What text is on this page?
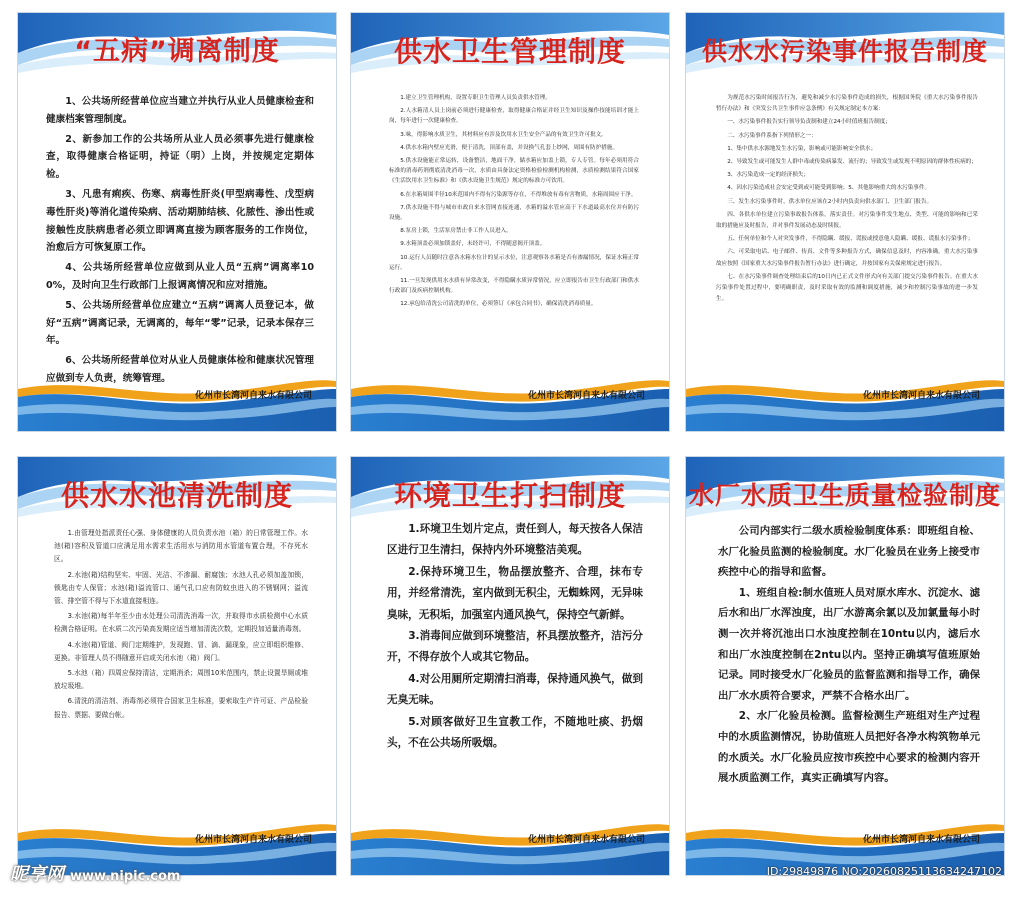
“五病”调离制度

1、公共场所经营单位应当建立并执行从业人员健康检查和健康档案管理制度。

2、新参加工作的公共场所从业人员必须事先进行健康检查，取得健康合格证明，持证（明）上岗，并按规定定期体检。

3、凡患有痢疾、伤寒、病毒性肝炎(甲型病毒性、戊型病毒性肝炎)等消化道传染病、活动期肺结核、化脓性、渗出性或接触性皮肤病患者必须立即调离直接为顾客服务的工作岗位，治愈后方可恢复原工作。

4、公共场所经营单位应做到从业人员“五病”调离率100%，及时向卫生行政部门上报调离情况和应对措施。

5、公共场所经营单位应建立“五病”调离人员登记本，做好“五病”调离记录，无调离的，每年“零”记录，记录本保存三年。

6、公共场所经营单位对从业人员健康体检和健康状况管理应做到专人负责，统筹管理。

化州市长湾河自来水有限公司

供水卫生管理制度

1.建立卫生管理机构，设置专职卫生管理人员负责供水管理。

2.人水箱清人员上岗前必须进行健康检查，取得健康合格证并经卫生知识及操作技能培训才能上岗，每年进行一次健康检查。

3.味，得影响水质卫生，其材料应有涉及饮用水卫生安全产品的有效卫生许可批文。

4.供水水箱内壁应光滑，便于清洗，顶部有盖，并设换气孔套上纱网，周围有防护措施。

5.供水设施能正常运转，设备整洁，地面干净，储水箱应加盖上锁，专人专管。每年必须用符合标准的消毒药剂彻底清洗消毒一次，水质由具备法定资格检验检测机构检测，水质检测结果符合国家《生活饮用水卫生标准》和《供水设施卫生规范》规定的标准方可饮用。

6.在水箱周围半径10米范围内不得有污染源等存在，不得堆放有毒有害物质，水箱周围应干净。

7.供水设施不得与城市市政自来水管网直接连通，水箱的溢水管应高于下水道最高水位并有防污设施。

8.泵房上锁，生活泵房禁止非工作人员进入。

9.水箱顶盖必须加锁盖好，未经许可，不得随意揭开顶盖。

10.运行人员随时注意各水箱水位计的显示水位，注意观察各水箱是否有渗漏情况，保证水箱正常运行。

11.一旦发现供用水水质有异常改变，不得隐瞒水质异常情况，应立即报告市卫生行政部门和供水行政部门及疾病控制机构。

12.承包给清洗公司清洗的单位，必须签订《承包合同书》，确保清洗消毒质量。

化州市长湾河自来水有限公司

供水水污染事件报告制度

为规范水污染时间报告行为，避免和减少水污染事件造成的损失，根据国务院《重大水污染事件报告暂行办法》和《突发公共卫生事件应急条例》有关规定制定本方案：

一、水污染事件报告实行领导负责制和建立24小时值班报告制度；

二、水污染事件系指下列情形之一：

1、集中供水水源地发生水污染，影响或可能影响安全供水；

2、导致发生或可能发生人群中毒或传染病暴发、流行的；导致发生或发现不明原因的群体性疾病的；

3、水污染造成一定的经济损失；

4、因水污染造成社会安定受到或可能受到影响；5、其他影响重大的水污染事件。

三、发生水污染事件时，供水单位应该在2小时内负责向供水部门、卫生部门报告。

四、各供水单位建立污染事故报告体系，落实责任。对污染事件发生地点、类型、可能的影响和已采取的措施应及时报告，并对事件发展动态及时续报。

五、任何单位和个人对突发事件，不得隐瞒、缓报、谎报或授意他人隐瞒、缓报、谎报水污染事件；

六、可采取电话、电子邮件、传真、文件等多种报告方式，确保信息及时，内容准确。重大水污染事故应按照《国家重大水污染事件报告暂行办法》进行确定，并按国家有关保密规定进行报告。

七、在水污染事件调查处理结束后的10日内已正式文件形式向有关部门提交污染事件报告。在重大水污染事件处置过程中，要明确职责，及时采取有效的监测和调度措施，减少和控制污染事故的进一步发生。

化州市长湾河自来水有限公司

供水水池清洗制度

1.由管理处指派责任心强、身体健康的人员负责水池（箱）的日常管理工作。水池(箱)容积及管道口应满足用水需求生活用水与消防用水管道布置合理，不存死水区。

2.水池(箱)结构坚实、牢固、光洁、不渗漏、耐腐蚀；水池人孔必须加盖加锁，锁匙由专人保管；水池(箱)溢流管口、通气孔口应有防蚊虫进入的不锈钢网；溢流管、排空管不得与下水道直接相连。

3.水池(箱)每半年至少由水处理公司清洗消毒一次，并取得市水质检测中心水质检测合格证明。在水质二次污染高发期应适当增加清洗次数，定期投加适量消毒剂。

4.水池(箱)管道、阀门定期维护，发现跑、冒、滴、漏现象，应立即组织维修、更换。非管理人员不得随意开启或关闭水池（箱）阀门。

5.水池（箱）四周应保持清洁，定期消杀；周围10米范围内，禁止设置旱厕或堆放垃圾堆。

6.清洗的清洁剂、消毒剂必须符合国家卫生标准，要索取生产许可证、产品检验报告、票据、要做台帐。

化州市长湾河自来水有限公司

环境卫生打扫制度

1.环境卫生划片定点，责任到人，每天按各人保洁区进行卫生清扫，保持内外环境整洁美观。

2.保持环境卫生，物品摆放整齐、合理，抹布专用，并经常清洗，室内做到无积尘，无蜘蛛网，无异味臭味，无积垢，加强室内通风换气，保持空气新鲜。

3.消毒间应做到环境整洁，杯具摆放整齐，洁污分开，不得存放个人或其它物品。

4.对公用厕所定期清扫消毒，保持通风换气，做到无臭无味。

5.对顾客做好卫生宣教工作，不随地吐痰、扔烟头，不在公共场所吸烟。

化州市长湾河自来水有限公司

水厂水质卫生质量检验制度

公司内部实行二级水质检验制度体系：即班组自检、水厂化验员监测的检验制度。水厂化验员在业务上接受市疾控中心的指导和监督。

1、班组自检:制水值班人员对原水库水、沉淀水、滤后水和出厂水浑浊度，出厂水游离余氯以及加氯量每小时测一次并将沉池出口水浊度控制在10ntu以内，滤后水和出厂水浊度控制在2ntu以内。坚持正确填写值班原始记录。同时接受水厂化验员的监督监测和指导工作，确保出厂水水质符合要求，严禁不合格水出厂。

2、水厂化验员检测。监督检测生产班组对生产过程中的水质监测情况，协助值班人员把好各净水构筑物单元的水质关。水厂化验员应按市疾控中心要求的检测内容开展水质监测工作，真实正确填写内容。

化州市长湾河自来水有限公司

昵享网 www.nipic.com	ID:29849876 NO:20260825113634247102
